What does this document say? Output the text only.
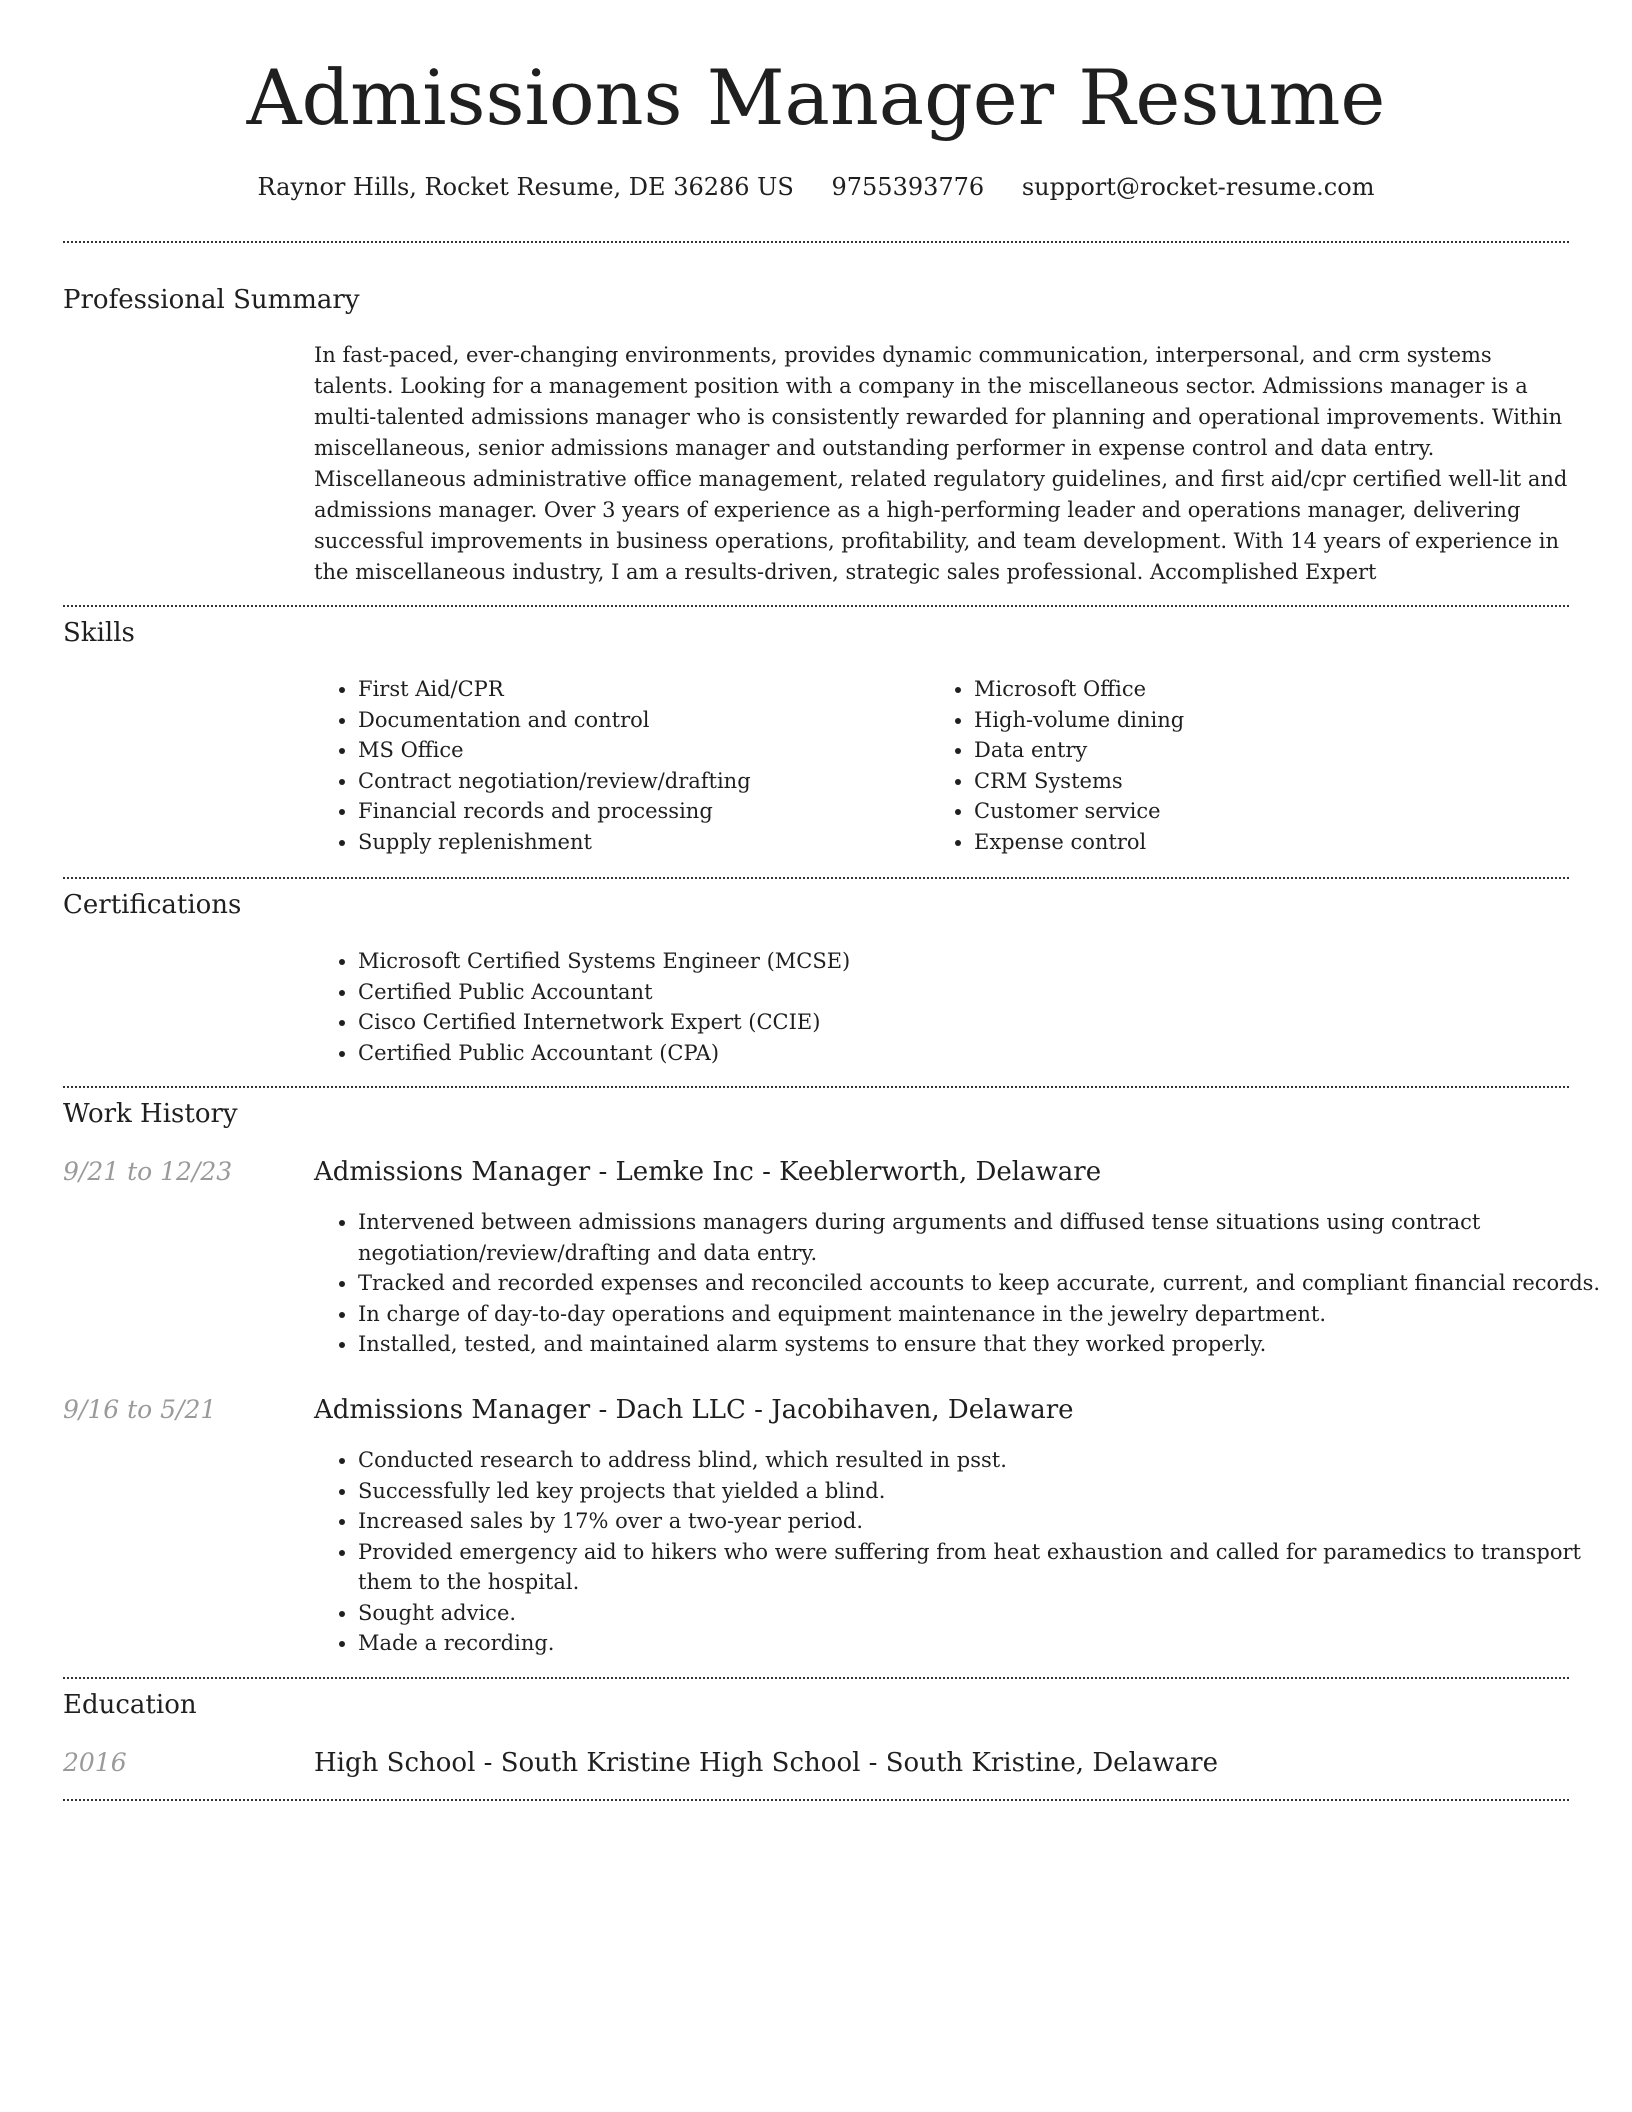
Admissions Manager Resume
Raynor Hills, Rocket Resume, DE 36286 US 9755393776 support@rocket-resume.com
Professional Summary

In fast-paced, ever-changing environments, provides dynamic communication, interpersonal, and crm systems talents. Looking for a management position with a company in the miscellaneous sector. Admissions manager is a multi-talented admissions manager who is consistently rewarded for planning and operational improvements. Within miscellaneous, senior admissions manager and outstanding performer in expense control and data entry. Miscellaneous administrative office management, related regulatory guidelines, and first aid/cpr certified well-lit and admissions manager. Over 3 years of experience as a high-performing leader and operations manager, delivering successful improvements in business operations, profitability, and team development. With 14 years of experience in the miscellaneous industry, I am a results-driven, strategic sales professional. Accomplished Expert

Skills
• First Aid/CPR
• Documentation and control
• MS Office
• Contract negotiation/review/drafting
• Financial records and processing
• Supply replenishment
• Microsoft Office
• High-volume dining
• Data entry
• CRM Systems
• Customer service
• Expense control
Certifications
• Microsoft Certified Systems Engineer (MCSE)
• Certified Public Accountant
• Cisco Certified Internetwork Expert (CCIE)
• Certified Public Accountant (CPA)
Work History
9/21 to 12/23	Admissions Manager - Lemke Inc - Keeblerworth, Delaware
• Intervened between admissions managers during arguments and diffused tense situations using contract negotiation/review/drafting and data entry.
• Tracked and recorded expenses and reconciled accounts to keep accurate, current, and compliant financial records.
• In charge of day-to-day operations and equipment maintenance in the jewelry department.
• Installed, tested, and maintained alarm systems to ensure that they worked properly.
9/16 to 5/21	Admissions Manager - Dach LLC - Jacobihaven, Delaware
• Conducted research to address blind, which resulted in psst.
• Successfully led key projects that yielded a blind.
• Increased sales by 17% over a two-year period.
• Provided emergency aid to hikers who were suffering from heat exhaustion and called for paramedics to transport them to the hospital.
• Sought advice.
• Made a recording.
Education
2016	High School - South Kristine High School - South Kristine, Delaware
